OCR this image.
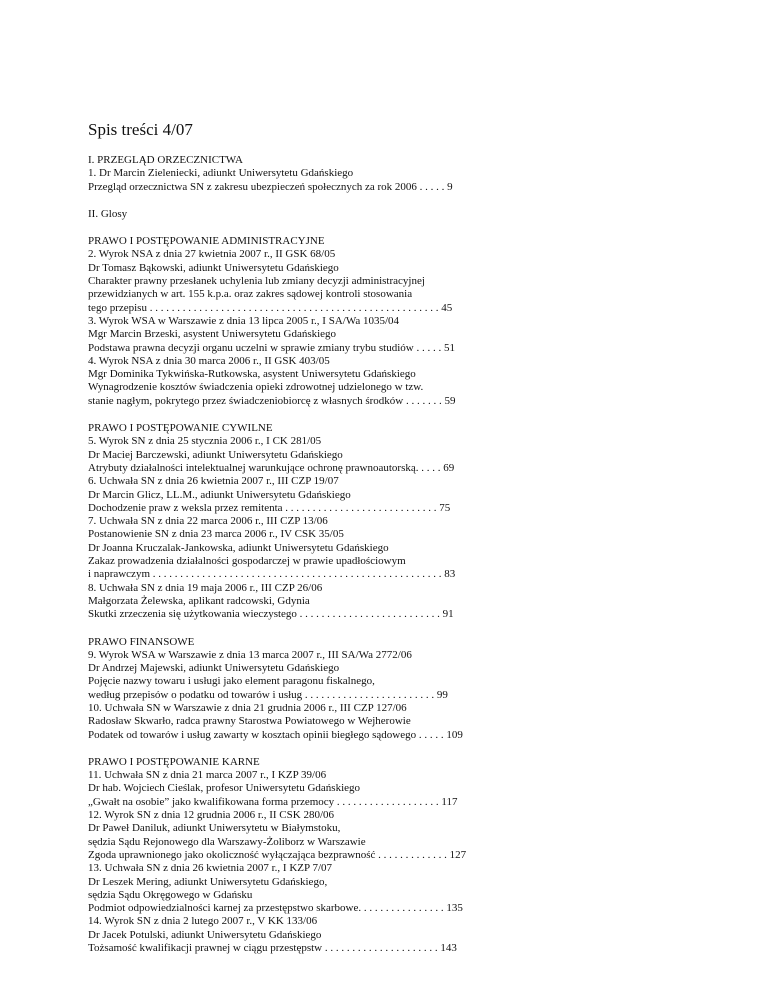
Spis treści 4/07
I. PRZEGLĄD ORZECZNICTWA
1. Dr Marcin Zieleniecki, adiunkt Uniwersytetu Gdańskiego
Przegląd orzecznictwa SN z zakresu ubezpieczeń społecznych za rok 2006 . . . . . 9
II. Glosy
PRAWO I POSTĘPOWANIE ADMINISTRACYJNE
2. Wyrok NSA z dnia 27 kwietnia 2007 r., II GSK 68/05
Dr Tomasz Bąkowski, adiunkt Uniwersytetu Gdańskiego
Charakter prawny przesłanek uchylenia lub zmiany decyzji administracyjnej
przewidzianych w art. 155 k.p.a. oraz zakres sądowej kontroli stosowania
tego przepisu . . . . . . . . . . . . . . . . . . . . . . . . . . . . . . . . . . . . . . . . . . . . . . . . . . . . . 45
3. Wyrok WSA w Warszawie z dnia 13 lipca 2005 r., I SA/Wa 1035/04
Mgr Marcin Brzeski, asystent Uniwersytetu Gdańskiego
Podstawa prawna decyzji organu uczelni w sprawie zmiany trybu studiów . . . . . 51
4. Wyrok NSA z dnia 30 marca 2006 r., II GSK 403/05
Mgr Dominika Tykwińska-Rutkowska, asystent Uniwersytetu Gdańskiego
Wynagrodzenie kosztów świadczenia opieki zdrowotnej udzielonego w tzw.
stanie nagłym, pokrytego przez świadczeniobiorcę z własnych środków . . . . . . . 59
PRAWO I POSTĘPOWANIE CYWILNE
5. Wyrok SN z dnia 25 stycznia 2006 r., I CK 281/05
Dr Maciej Barczewski, adiunkt Uniwersytetu Gdańskiego
Atrybuty działalności intelektualnej warunkujące ochronę prawnoautorską. . . . . 69
6. Uchwała SN z dnia 26 kwietnia 2007 r., III CZP 19/07
Dr Marcin Glicz, LL.M., adiunkt Uniwersytetu Gdańskiego
Dochodzenie praw z weksla przez remitenta . . . . . . . . . . . . . . . . . . . . . . . . . . . . 75
7. Uchwała SN z dnia 22 marca 2006 r., III CZP 13/06
Postanowienie SN z dnia 23 marca 2006 r., IV CSK 35/05
Dr Joanna Kruczalak-Jankowska, adiunkt Uniwersytetu Gdańskiego
Zakaz prowadzenia działalności gospodarczej w prawie upadłościowym
i naprawczym . . . . . . . . . . . . . . . . . . . . . . . . . . . . . . . . . . . . . . . . . . . . . . . . . . . . . 83
8. Uchwała SN z dnia 19 maja 2006 r., III CZP 26/06
Małgorzata Żelewska, aplikant radcowski, Gdynia
Skutki zrzeczenia się użytkowania wieczystego . . . . . . . . . . . . . . . . . . . . . . . . . . 91
PRAWO FINANSOWE
9. Wyrok WSA w Warszawie z dnia 13 marca 2007 r., III SA/Wa 2772/06
Dr Andrzej Majewski, adiunkt Uniwersytetu Gdańskiego
Pojęcie nazwy towaru i usługi jako element paragonu fiskalnego,
według przepisów o podatku od towarów i usług . . . . . . . . . . . . . . . . . . . . . . . . 99
10. Uchwała SN w Warszawie z dnia 21 grudnia 2006 r., III CZP 127/06
Radosław Skwarło, radca prawny Starostwa Powiatowego w Wejherowie
Podatek od towarów i usług zawarty w kosztach opinii biegłego sądowego . . . . . 109
PRAWO I POSTĘPOWANIE KARNE
11. Uchwała SN z dnia 21 marca 2007 r., I KZP 39/06
Dr hab. Wojciech Cieślak, profesor Uniwersytetu Gdańskiego
„Gwałt na osobie” jako kwalifikowana forma przemocy . . . . . . . . . . . . . . . . . . . 117
12. Wyrok SN z dnia 12 grudnia 2006 r., II CSK 280/06
Dr Paweł Daniluk, adiunkt Uniwersytetu w Białymstoku,
sędzia Sądu Rejonowego dla Warszawy-Żoliborz w Warszawie
Zgoda uprawnionego jako okoliczność wyłączająca bezprawność . . . . . . . . . . . . . 127
13. Uchwała SN z dnia 26 kwietnia 2007 r., I KZP 7/07
Dr Leszek Mering, adiunkt Uniwersytetu Gdańskiego,
sędzia Sądu Okręgowego w Gdańsku
Podmiot odpowiedzialności karnej za przestępstwo skarbowe. . . . . . . . . . . . . . . . 135
14. Wyrok SN z dnia 2 lutego 2007 r., V KK 133/06
Dr Jacek Potulski, adiunkt Uniwersytetu Gdańskiego
Tożsamość kwalifikacji prawnej w ciągu przestępstw . . . . . . . . . . . . . . . . . . . . . 143
